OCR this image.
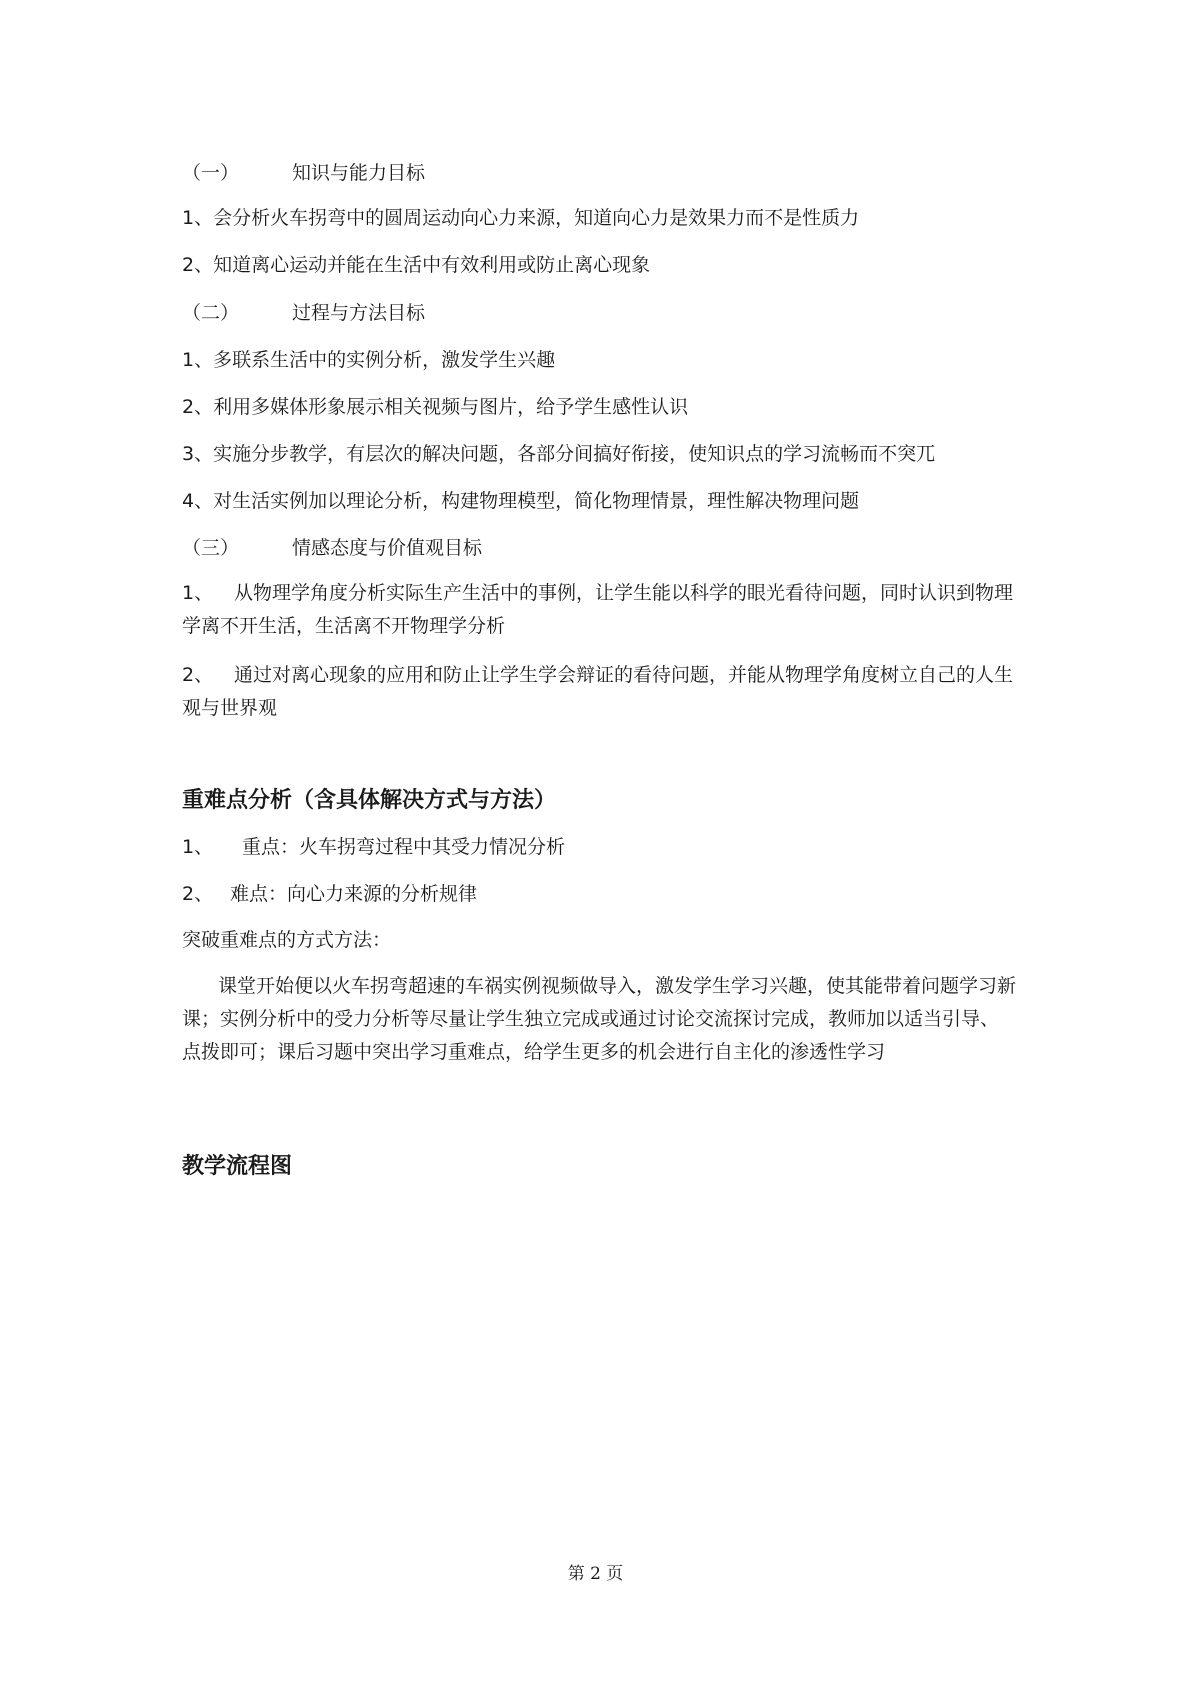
（一）	知识与能力目标
1、会分析火车拐弯中的圆周运动向心力来源，知道向心力是效果力而不是性质力
2、知道离心运动并能在生活中有效利用或防止离心现象
（二）	过程与方法目标
1、多联系生活中的实例分析，激发学生兴趣
2、利用多媒体形象展示相关视频与图片，给予学生感性认识
3、实施分步教学，有层次的解决问题，各部分间搞好衔接，使知识点的学习流畅而不突兀
4、对生活实例加以理论分析，构建物理模型，简化物理情景，理性解决物理问题
（三）	情感态度与价值观目标
1、 从物理学角度分析实际生产生活中的事例，让学生能以科学的眼光看待问题，同时认识到物理学离不开生活，生活离不开物理学分析
2、 通过对离心现象的应用和防止让学生学会辩证的看待问题，并能从物理学角度树立自己的人生观与世界观
重难点分析（含具体解决方式与方法）
1、 重点：火车拐弯过程中其受力情况分析
2、 难点：向心力来源的分析规律
突破重难点的方式方法：
课堂开始便以火车拐弯超速的车祸实例视频做导入，激发学生学习兴趣，使其能带着问题学习新课；实例分析中的受力分析等尽量让学生独立完成或通过讨论交流探讨完成，教师加以适当引导、点拨即可；课后习题中突出学习重难点，给学生更多的机会进行自主化的渗透性学习
教学流程图
第 2 页
